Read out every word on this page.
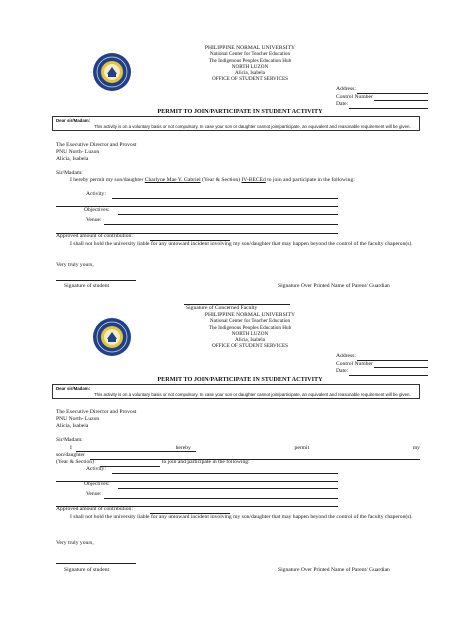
PHILIPPINE NORMAL UNIVERSITY
National Center for Teacher Education
The Indigenous Peoples Education Hub
NORTH LUZON
Alicia, Isabela
OFFICE OF STUDENT SERVICES
Address:
Control Number
Date:
PERMIT TO JOIN/PARTICIPATE IN STUDENT ACTIVITY
Dear sir/Madam:
This activity is on a voluntary basis or not compulsory. In case your son or daughter cannot join/participate, an equivalent and reasonable requirement will be given.
The Executive Director and Provost
PNU North- Luzon
Alicia, Isabela
Sir/Madam:
I hereby permit my son/daughter Charlyne Mae Y. Gabriel (Year & Section) IV-BECEd to join and participate in the following:
Activity:
Objectives:
Venue:
Approved amount of contribution:
I shall not hold the university liable for any untoward incident involving my son/daughter that may happen beyond the control of the faculty chaperon(s).
Very truly yours,
Signature of student	Signature Over Printed Name of Parent/ Guardian
Signature of Concerned Faculty
PHILIPPINE NORMAL UNIVERSITY
National Center for Teacher Education
The Indigenous Peoples Education Hub
NORTH LUZON
Alicia, Isabela
OFFICE OF STUDENT SERVICES
Address:
Control Number
Date:
PERMIT TO JOIN/PARTICIPATE IN STUDENT ACTIVITY
Dear sir/Madam:
This activity is on a voluntary basis or not compulsory. In case your son or daughter cannot join/participate, an equivalent and reasonable requirement will be given.
The Executive Director and Provost
PNU North- Luzon
Alicia, Isabela
Sir/Madam:
I	hereby	permit	my
son/daughter
(Year & Section)	to join and participate in the following:
Activity:
Objectives:
Venue:
Approved amount of contribution:
I shall not hold the university liable for any untoward incident involving my son/daughter that may happen beyond the control of the faculty chaperon(s).
Very truly yours,
Signature of student	Signature Over Printed Name of Parent/ Guardian
